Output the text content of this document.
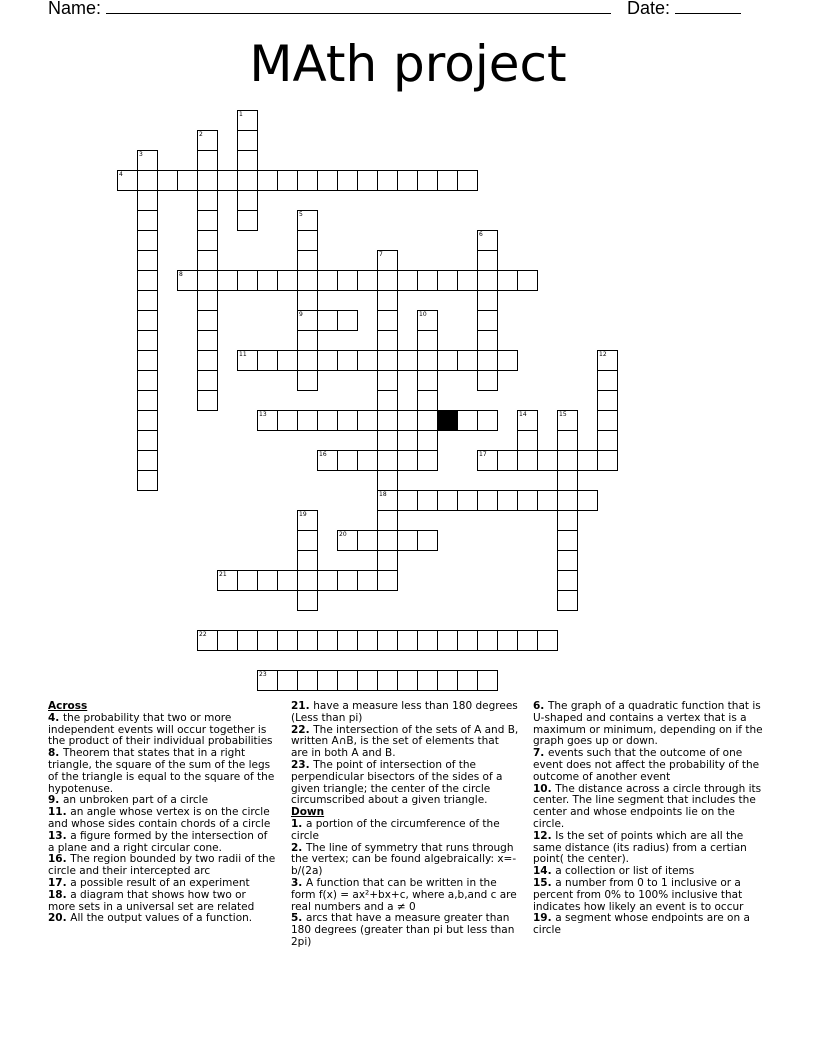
Name:	Date:
MAth project
1
2
3
4
5
9
6
7
18
8
10
11	12
13	14	15
16	17
19
20
21
22
23
Across
4. the probability that two or more independent events will occur together is the product of their individual probabilities
8. Theorem that states that in a right triangle, the square of the sum of the legs of the triangle is equal to the square of the hypotenuse.
9. an unbroken part of a circle
11. an angle whose vertex is on the circle and whose sides contain chords of a circle
13. a figure formed by the intersection of a plane and a right circular cone.
16. The region bounded by two radii of the circle and their intercepted arc
17. a possible result of an experiment
18. a diagram that shows how two or more sets in a universal set are related
20. All the output values of a function.
21. have a measure less than 180 degrees (Less than pi)
22. The intersection of the sets of A and B, written A∩B, is the set of elements that are in both A and B.
23. The point of intersection of the perpendicular bisectors of the sides of a given triangle; the center of the circle circumscribed about a given triangle.
Down
1. a portion of the circumference of the circle
2. The line of symmetry that runs through the vertex; can be found algebraically: x=-b/(2a)
3. A function that can be written in the form f(x) = ax²+bx+c, where a,b,and c are real numbers and a ≠ 0
5. arcs that have a measure greater than 180 degrees (greater than pi but less than 2pi)
6. The graph of a quadratic function that is U-shaped and contains a vertex that is a maximum or minimum, depending on if the graph goes up or down.
7. events such that the outcome of one event does not affect the probability of the outcome of another event
10. The distance across a circle through its center. The line segment that includes the center and whose endpoints lie on the circle.
12. Is the set of points which are all the same distance (its radius) from a certian point( the center).
14. a collection or list of items
15. a number from 0 to 1 inclusive or a percent from 0% to 100% inclusive that indicates how likely an event is to occur
19. a segment whose endpoints are on a circle
